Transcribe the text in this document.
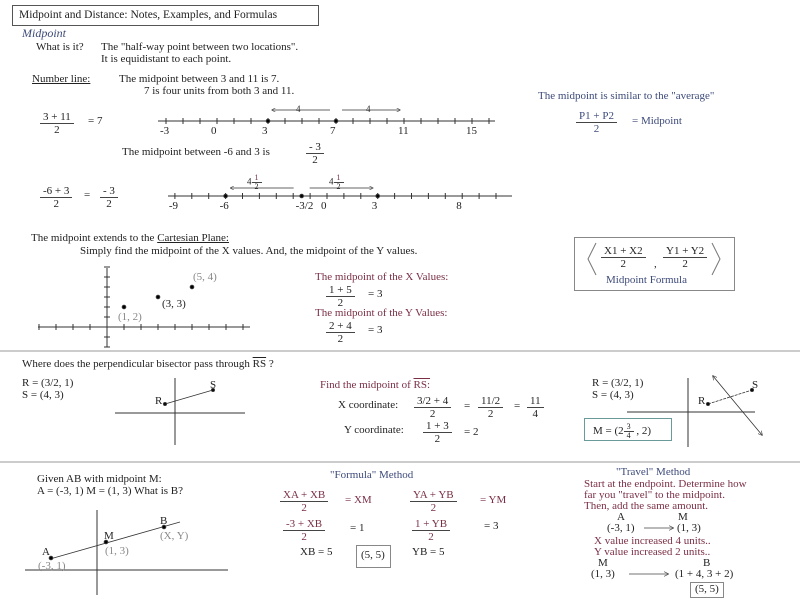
Midpoint and Distance: Notes, Examples, and Formulas
Midpoint
What is it? The "half-way point between two locations".
It is equidistant to each point.
Number line:	The midpoint between 3 and 11 is 7.
7 is four units from both 3 and 11.
$\frac{3 + 11}{2} = 7$
4	4
-3	0	3	7	11	15
The midpoint between -6 and 3 is	$\frac{- 3}{2}$
$\frac{-6 + 3}{2} = \frac{- 3}{2}$
$4 \frac{1}{2}$	$4 \frac{1}{2}$
-9	-6	-3/2 0	3	8
The midpoint is similar to the "average"
$\frac{P1 + P2}{2}$ = Midpoint
The midpoint extends to the Cartesian Plane:
Simply find the midpoint of the X values. And, the midpoint of the Y values.
(5, 4)
(3, 3)
(1, 2)
The midpoint of the X Values:
$\frac{1 + 5}{2} = 3$
The midpoint of the Y Values:
$\frac{2 + 4}{2} = 3$
$\frac{X1 + X2}{2}$ , $\frac{Y1 + Y2}{2}$
Midpoint Formula
Where does the perpendicular bisector pass through $\overline{RS}$ ?
R = (3/2, 1)
S = (4, 3)	R
S	Find the midpoint of RS:
X coordinate: $\frac{3/2 + 4}{2} = \frac{11/2}{2} = \frac{11}{4}$
Y coordinate: $\frac{1 + 3}{2} = 2$
R = (3/2, 1)
S = (4, 3)	R
S
$M = (2 \frac{3}{4}$ , 2)
Given AB with midpoint M:
A = (-3, 1) M = (1, 3) What is B?
A
(-3, 1)
M
(1, 3)
B
(X, Y)
"Formula" Method
$\frac{XA + XB}{2}$ = XM	$\frac{YA + YB}{2}$ = YM
$\frac{-3 + XB}{2} = 1$	$\frac{1 + YB}{2}$	= 3
XB = 5	(5, 5) YB = 5
"Travel" Method
Start at the endpoint. Determine how
far you "travel" to the midpoint.
Then, add the same amount.
A	M
(-3, 1)	(1, 3)
X value increased 4 units..
Y value increased 2 units..
M	B
(1, 3)	(1 + 4, 3 + 2)
(5, 5)
